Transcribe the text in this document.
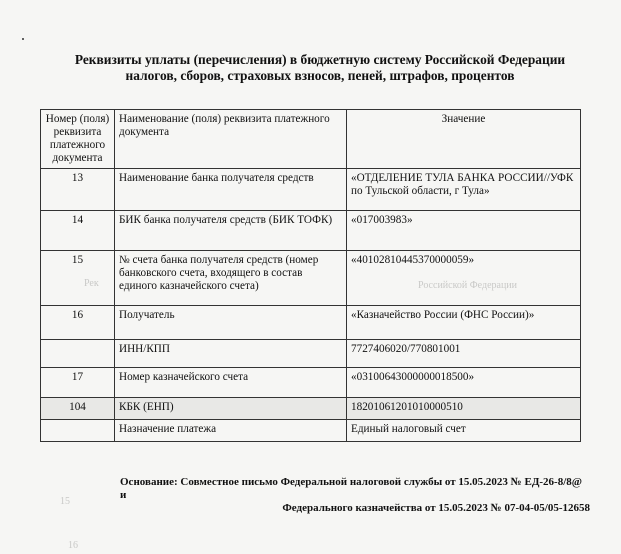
Рек	Российской Федерации
15
16
Реквизиты уплаты (перечисления) в бюджетную систему Российской Федерации
налогов, сборов, страховых взносов, пеней, штрафов, процентов
Номер (поля) реквизита платежного документа	Наименование (поля) реквизита платежного документа	Значение
13	Наименование банка получателя средств	«ОТДЕЛЕНИЕ ТУЛА БАНКА РОССИИ//УФК по Тульской области, г Тула»
14	БИК банка получателя средств (БИК ТОФК)	«017003983»
15	№ счета банка получателя средств (номер банковского счета, входящего в состав единого казначейского счета)	«40102810445370000059»
16	Получатель	«Казначейство России (ФНС России)»
	ИНН/КПП	7727406020/770801001
17	Номер казначейского счета	«03100643000000018500»
104	КБК (ЕНП)	18201061201010000510
	Назначение платежа	Единый налоговый счет
Основание: Совместное письмо Федеральной налоговой службы от 15.05.2023 № ЕД-26-8/8@ и
Федерального казначейства от 15.05.2023 № 07-04-05/05-12658
